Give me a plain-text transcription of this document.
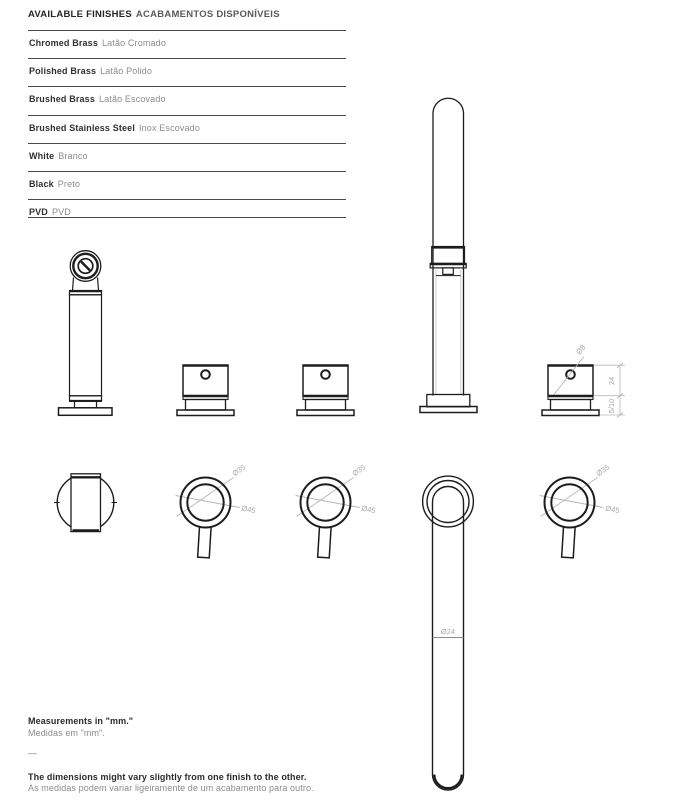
AVAILABLE FINISHES ACABAMENTOS DISPONÍVEIS
Chromed Brass Latão Cromado
Polished Brass Latão Polido
Brushed Brass Latão Escovado
Brushed Stainless Steel Inox Escovado
White Branco
Black Preto
PVD PVD
Ø8
24
5/10
Ø35
Ø45
Ø35
Ø45
Ø35
Ø45
Ø24
Measurements in "mm."
Medidas em "mm".
—
The dimensions might vary slightly from one finish to the other.
As medidas podem variar ligeiramente de um acabamento para outro.
